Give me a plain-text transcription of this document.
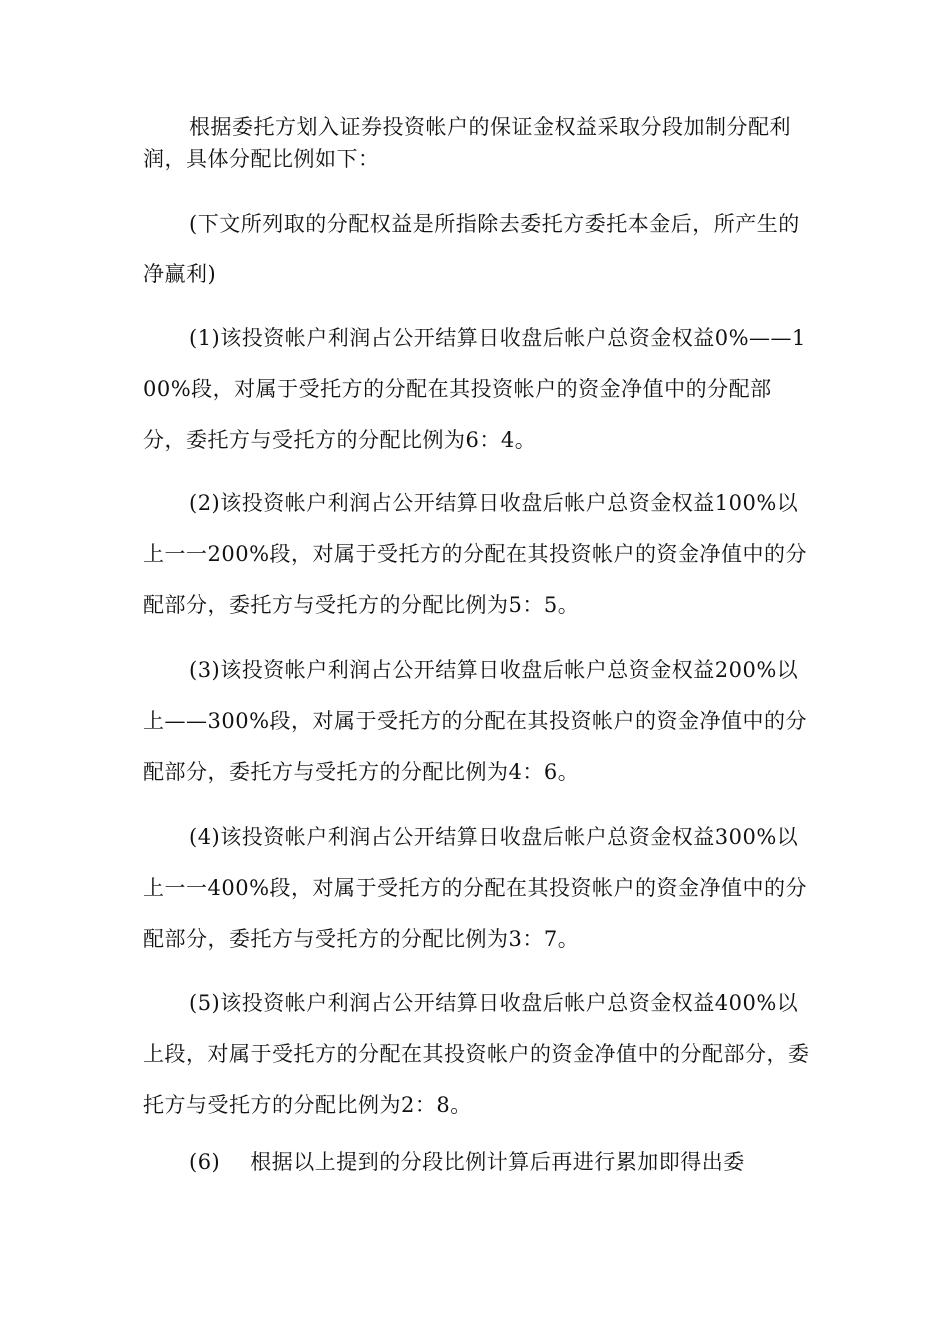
根据委托方划入证券投资帐户的保证金权益采取分段加制分配利润，具体分配比例如下：

(下文所列取的分配权益是所指除去委托方委托本金后，所产生的净赢利)

(1)该投资帐户利润占公开结算日收盘后帐户总资金权益0%——100%段，对属于受托方的分配在其投资帐户的资金净值中的分配部分，委托方与受托方的分配比例为6：4。

(2)该投资帐户利润占公开结算日收盘后帐户总资金权益100%以上一一200%段，对属于受托方的分配在其投资帐户的资金净值中的分配部分，委托方与受托方的分配比例为5：5。

(3)该投资帐户利润占公开结算日收盘后帐户总资金权益200%以上——300%段，对属于受托方的分配在其投资帐户的资金净值中的分配部分，委托方与受托方的分配比例为4：6。

(4)该投资帐户利润占公开结算日收盘后帐户总资金权益300%以上一一400%段，对属于受托方的分配在其投资帐户的资金净值中的分配部分，委托方与受托方的分配比例为3：7。

(5)该投资帐户利润占公开结算日收盘后帐户总资金权益400%以上段，对属于受托方的分配在其投资帐户的资金净值中的分配部分，委托方与受托方的分配比例为2：8。

(6) 根据以上提到的分段比例计算后再进行累加即得出委
